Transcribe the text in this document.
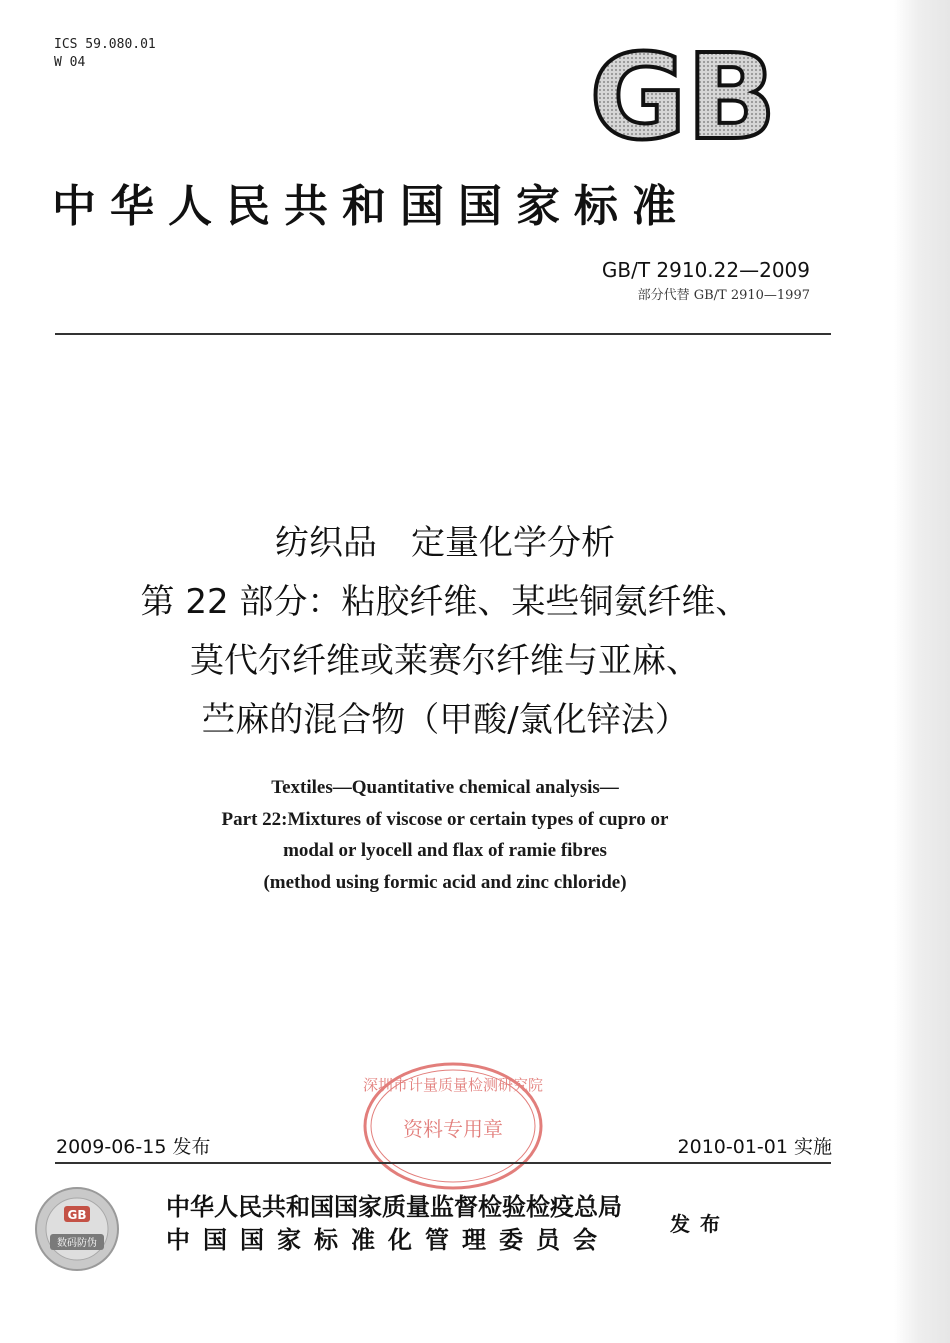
ICS 59.080.01
W 04	GB
中华人民共和国国家标准
GB/T 2910.22—2009
部分代替 GB/T 2910—1997
纺织品　定量化学分析
第 22 部分：粘胶纤维、某些铜氨纤维、
莫代尔纤维或莱赛尔纤维与亚麻、
苎麻的混合物（甲酸/氯化锌法）
Textiles—Quantitative chemical analysis—
Part 22:Mixtures of viscose or certain types of cupro or
modal or lyocell and flax of ramie fibres
(method using formic acid and zinc chloride)
深圳市计量质量检测研究院
资料专用章
2009-06-15 发布	2010-01-01 实施
GB
数码防伪
中华人民共和国国家质量监督检验检疫总局
中国国家标准化管理委员会
发布
